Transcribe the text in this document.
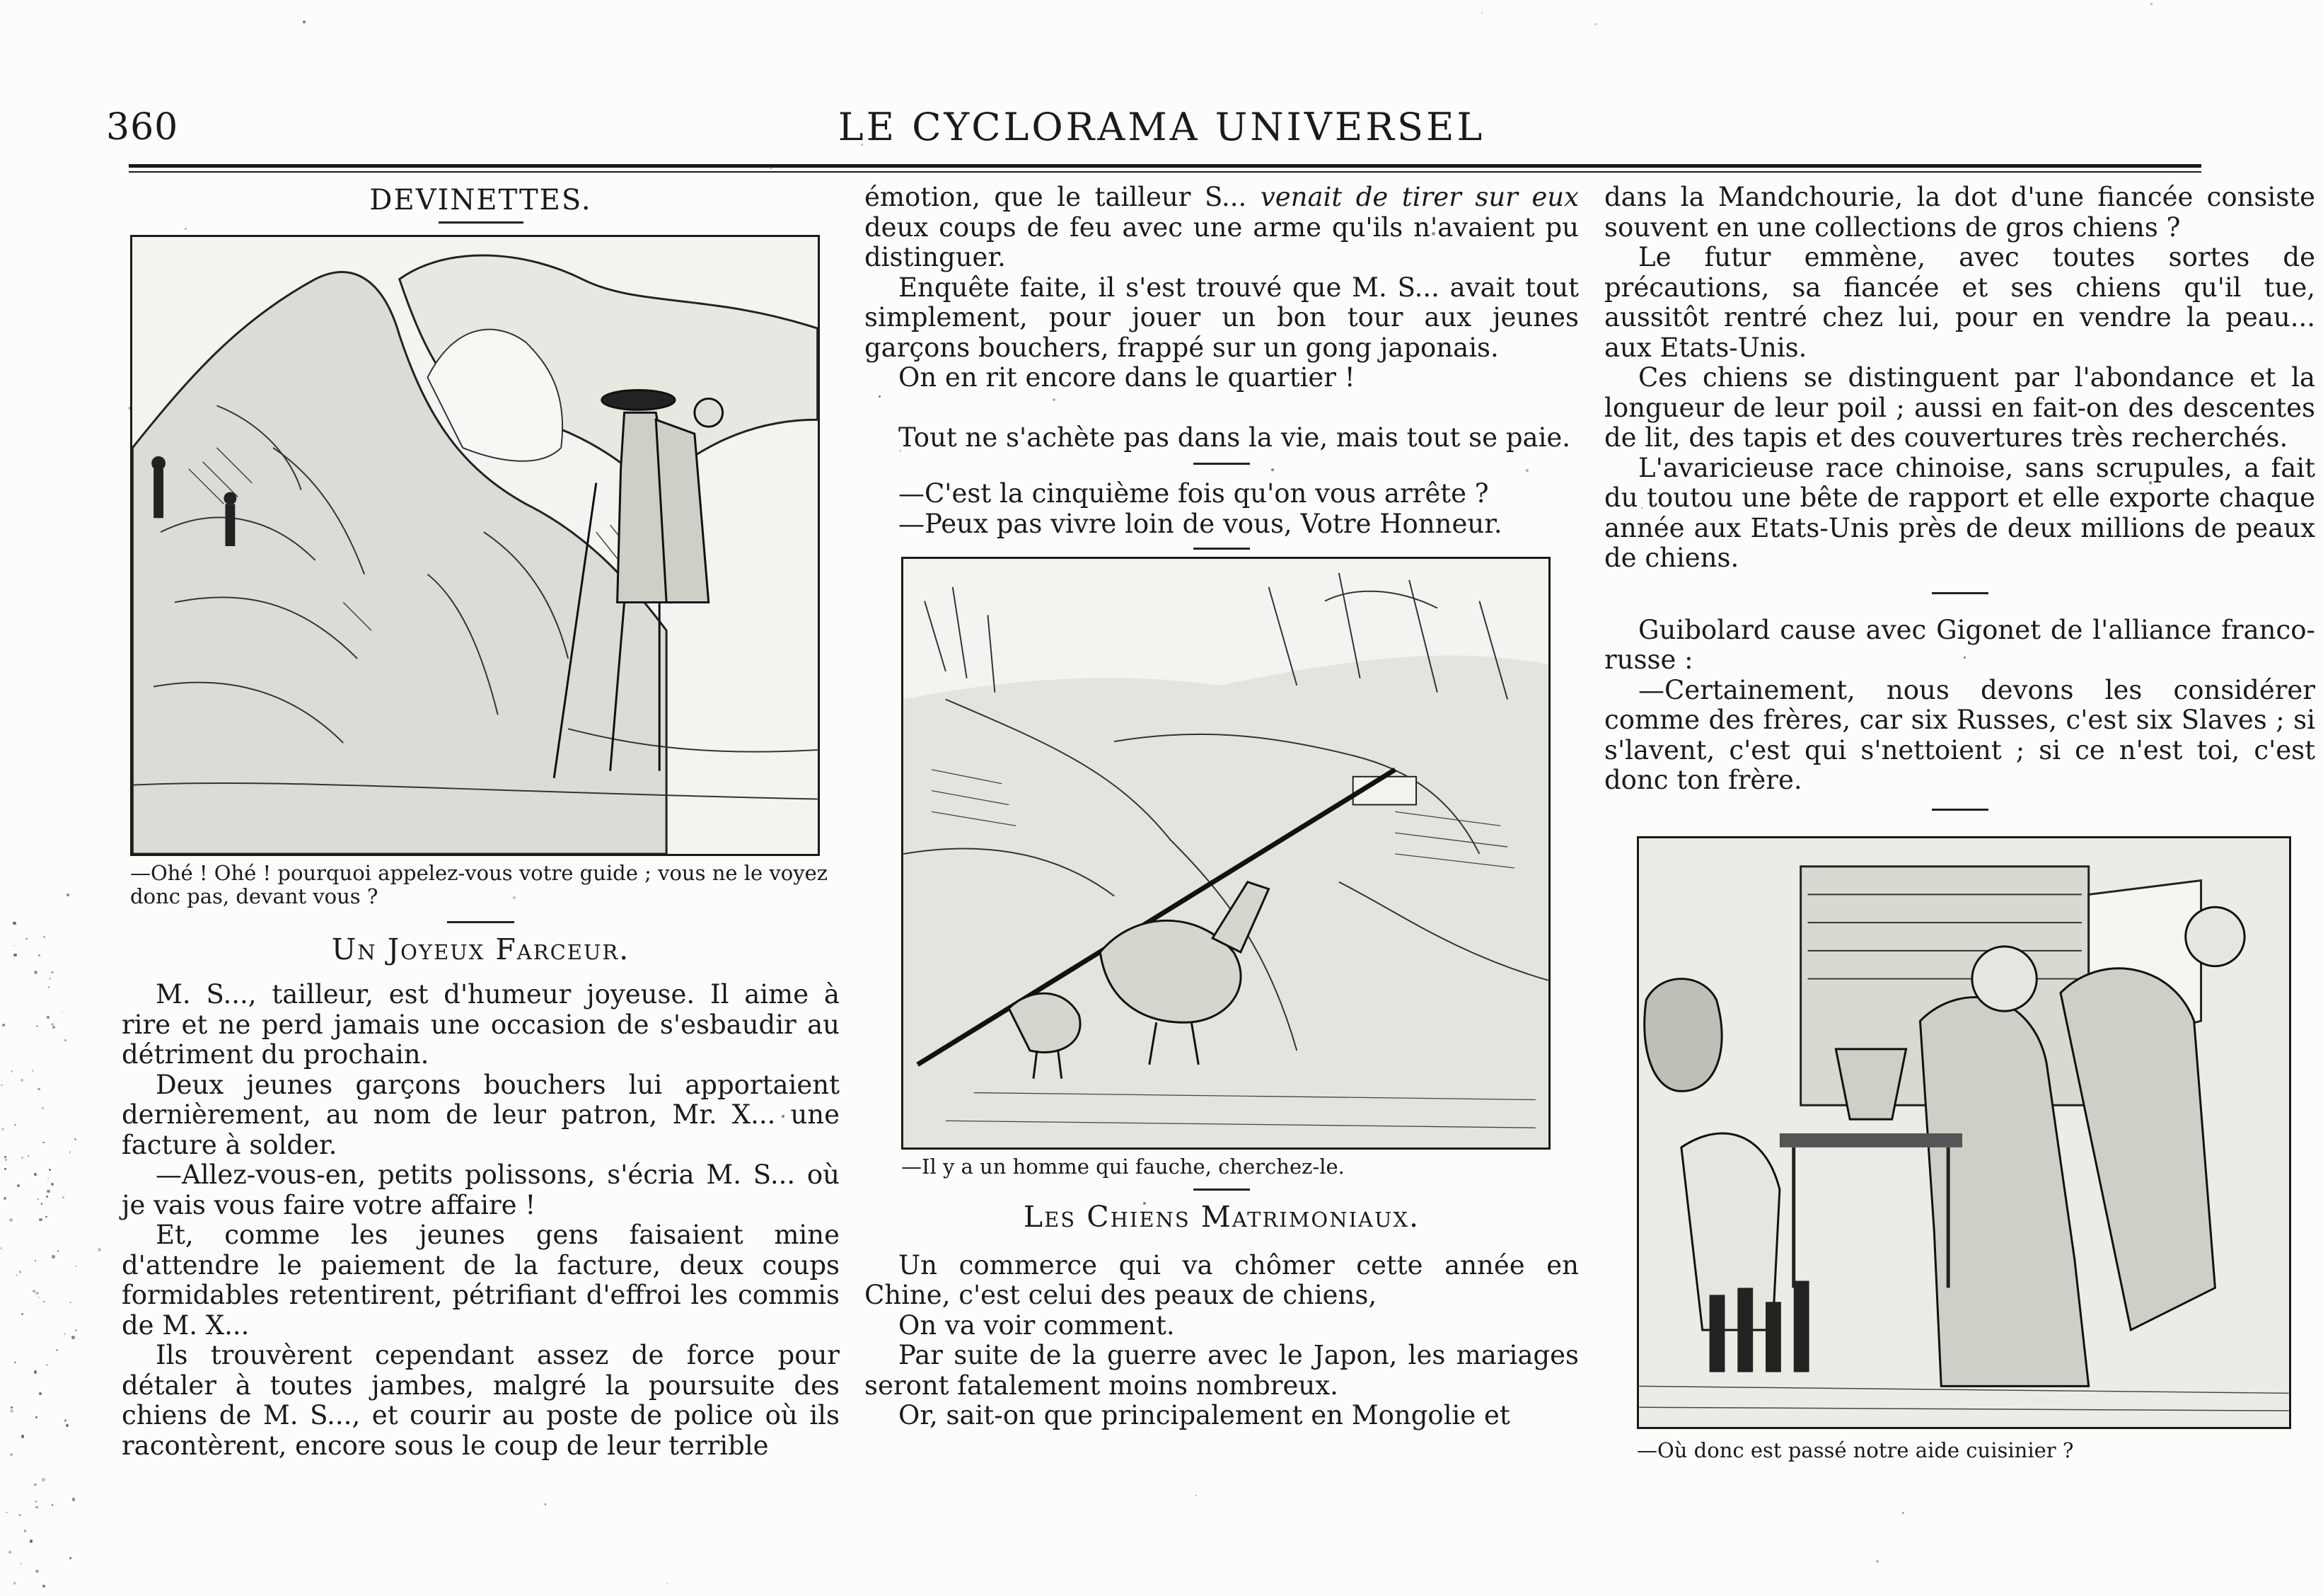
360	LE CYCLORAMA UNIVERSEL
DEVINETTES.
—Ohé ! Ohé ! pourquoi appelez-vous votre guide ; vous ne le voyez donc pas, devant vous ?
Un Joyeux Farceur.

M. S..., tailleur, est d'humeur joyeuse. Il aime à rire et ne perd jamais une occasion de s'esbaudir au détriment du prochain.

Deux jeunes garçons bouchers lui apportaient dernièrement, au nom de leur patron, Mr. X... une facture à solder.

—Allez-vous-en, petits polissons, s'écria M. S... où je vais vous faire votre affaire !

Et, comme les jeunes gens faisaient mine d'attendre le paiement de la facture, deux coups formidables retentirent, pétrifiant d'effroi les commis de M. X...

Ils trouvèrent cependant assez de force pour détaler à toutes jambes, malgré la poursuite des chiens de M. S..., et courir au poste de police où ils racontèrent, encore sous le coup de leur terrible

émotion, que le tailleur S... venait de tirer sur eux deux coups de feu avec une arme qu'ils n'avaient pu distinguer.

Enquête faite, il s'est trouvé que M. S... avait tout simplement, pour jouer un bon tour aux jeunes garçons bouchers, frappé sur un gong japonais.

On en rit encore dans le quartier !

Tout ne s'achète pas dans la vie, mais tout se paie.

—C'est la cinquième fois qu'on vous arrête ?

—Peux pas vivre loin de vous, Votre Honneur.

—Il y a un homme qui fauche, cherchez-le.
Les Chiens Matrimoniaux.

Un commerce qui va chômer cette année en Chine, c'est celui des peaux de chiens,

On va voir comment.

Par suite de la guerre avec le Japon, les mariages seront fatalement moins nombreux.

Or, sait-on que principalement en Mongolie et

dans la Mandchourie, la dot d'une fiancée consiste souvent en une collections de gros chiens ?

Le futur emmène, avec toutes sortes de précautions, sa fiancée et ses chiens qu'il tue, aussitôt rentré chez lui, pour en vendre la peau... aux Etats-Unis.

Ces chiens se distinguent par l'abondance et la longueur de leur poil ; aussi en fait-on des descentes de lit, des tapis et des couvertures très recherchés.

L'avaricieuse race chinoise, sans scrupules, a fait du toutou une bête de rapport et elle exporte chaque année aux Etats-Unis près de deux millions de peaux de chiens.

Guibolard cause avec Gigonet de l'alliance franco-russe :

—Certainement, nous devons les considérer comme des frères, car six Russes, c'est six Slaves ; si s'lavent, c'est qui s'nettoient ; si ce n'est toi, c'est donc ton frère.

—Où donc est passé notre aide cuisinier ?
